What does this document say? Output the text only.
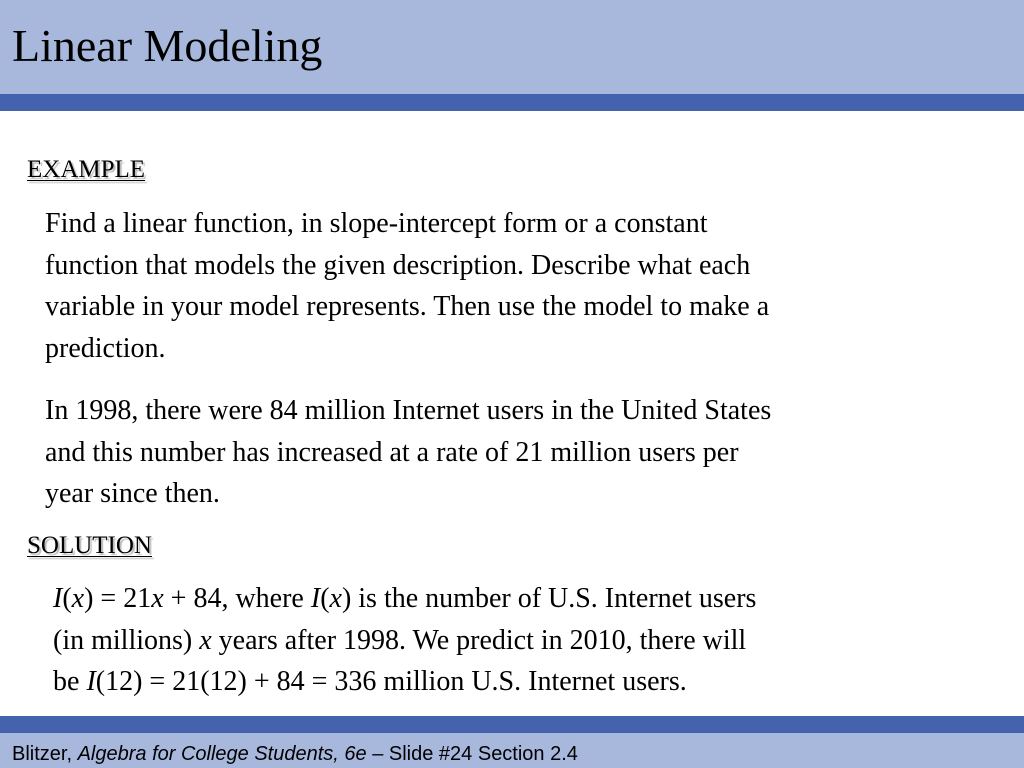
Linear Modeling

EXAMPLE

Find a linear function, in slope-intercept form or a constant
function that models the given description. Describe what each
variable in your model represents. Then use the model to make a
prediction.

In 1998, there were 84 million Internet users in the United States
and this number has increased at a rate of 21 million users per
year since then.

SOLUTION

I(x) = 21x + 84, where I(x) is the number of U.S. Internet users
(in millions) x years after 1998. We predict in 2010, there will
be I(12) = 21(12) + 84 = 336 million U.S. Internet users.

Blitzer, Algebra for College Students, 6e – Slide #24 Section 2.4
